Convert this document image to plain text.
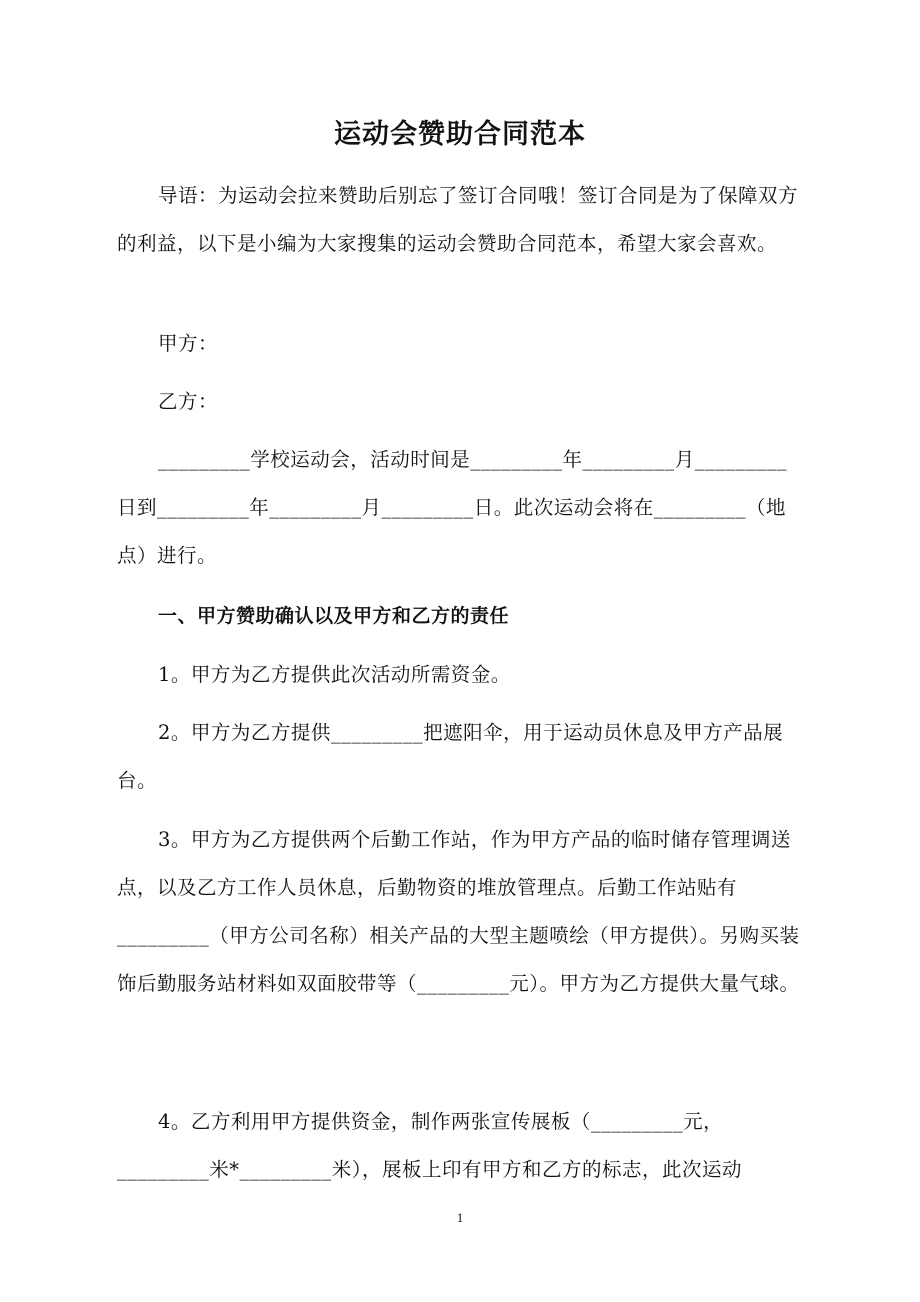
运动会赞助合同范本
导语：为运动会拉来赞助后别忘了签订合同哦！签订合同是为了保障双方的利益，以下是小编为大家搜集的运动会赞助合同范本，希望大家会喜欢。
甲方：
乙方：
_________学校运动会，活动时间是_________年_________月_________日到_________年_________月_________日。此次运动会将在_________（地点）进行。
一、甲方赞助确认以及甲方和乙方的责任
1。甲方为乙方提供此次活动所需资金。
2。甲方为乙方提供_________把遮阳伞，用于运动员休息及甲方产品展台。
3。甲方为乙方提供两个后勤工作站，作为甲方产品的临时储存管理调送点，以及乙方工作人员休息，后勤物资的堆放管理点。后勤工作站贴有_________（甲方公司名称）相关产品的大型主题喷绘（甲方提供）。另购买装饰后勤服务站材料如双面胶带等（_________元）。甲方为乙方提供大量气球。
4。乙方利用甲方提供资金，制作两张宣传展板（_________元，_________米*_________米），展板上印有甲方和乙方的标志，此次运动
1
